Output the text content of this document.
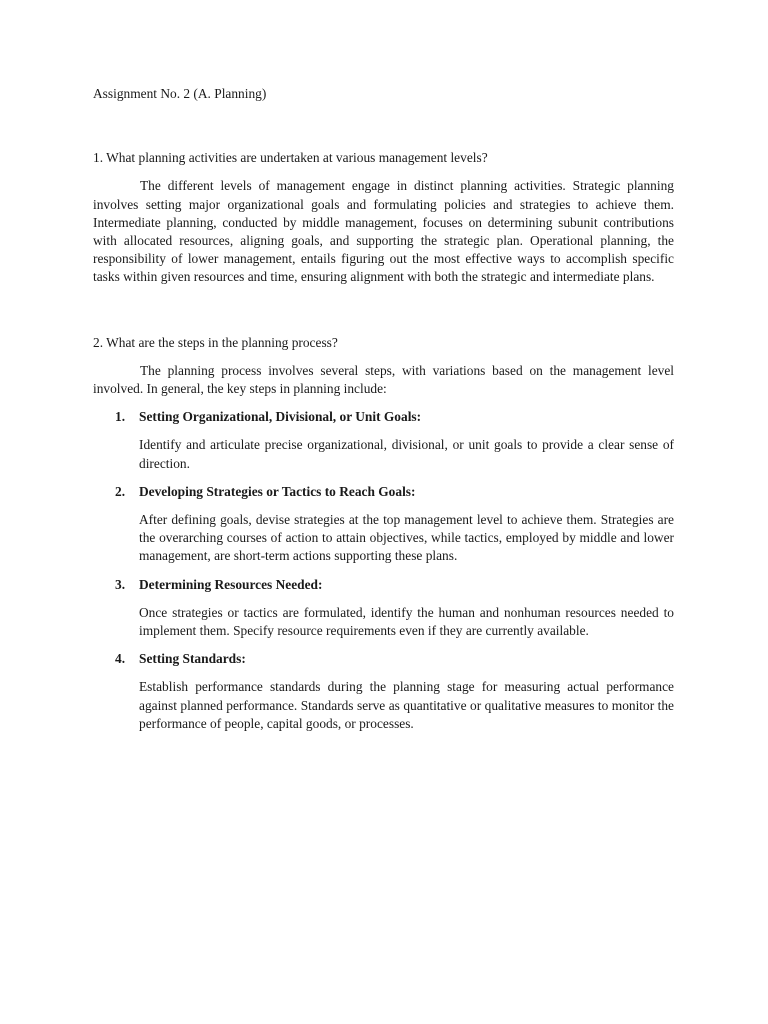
Assignment No. 2 (A. Planning)

1. What planning activities are undertaken at various management levels?

The different levels of management engage in distinct planning activities. Strategic planning involves setting major organizational goals and formulating policies and strategies to achieve them. Intermediate planning, conducted by middle management, focuses on determining subunit contributions with allocated resources, aligning goals, and supporting the strategic plan. Operational planning, the responsibility of lower management, entails figuring out the most effective ways to accomplish specific tasks within given resources and time, ensuring alignment with both the strategic and intermediate plans.

2. What are the steps in the planning process?

The planning process involves several steps, with variations based on the management level involved. In general, the key steps in planning include:

1.	Setting Organizational, Divisional, or Unit Goals:

Identify and articulate precise organizational, divisional, or unit goals to provide a clear sense of direction.

2.	Developing Strategies or Tactics to Reach Goals:

After defining goals, devise strategies at the top management level to achieve them. Strategies are the overarching courses of action to attain objectives, while tactics, employed by middle and lower management, are short-term actions supporting these plans.

3.	Determining Resources Needed:

Once strategies or tactics are formulated, identify the human and nonhuman resources needed to implement them. Specify resource requirements even if they are currently available.

4.	Setting Standards:

Establish performance standards during the planning stage for measuring actual performance against planned performance. Standards serve as quantitative or qualitative measures to monitor the performance of people, capital goods, or processes.
